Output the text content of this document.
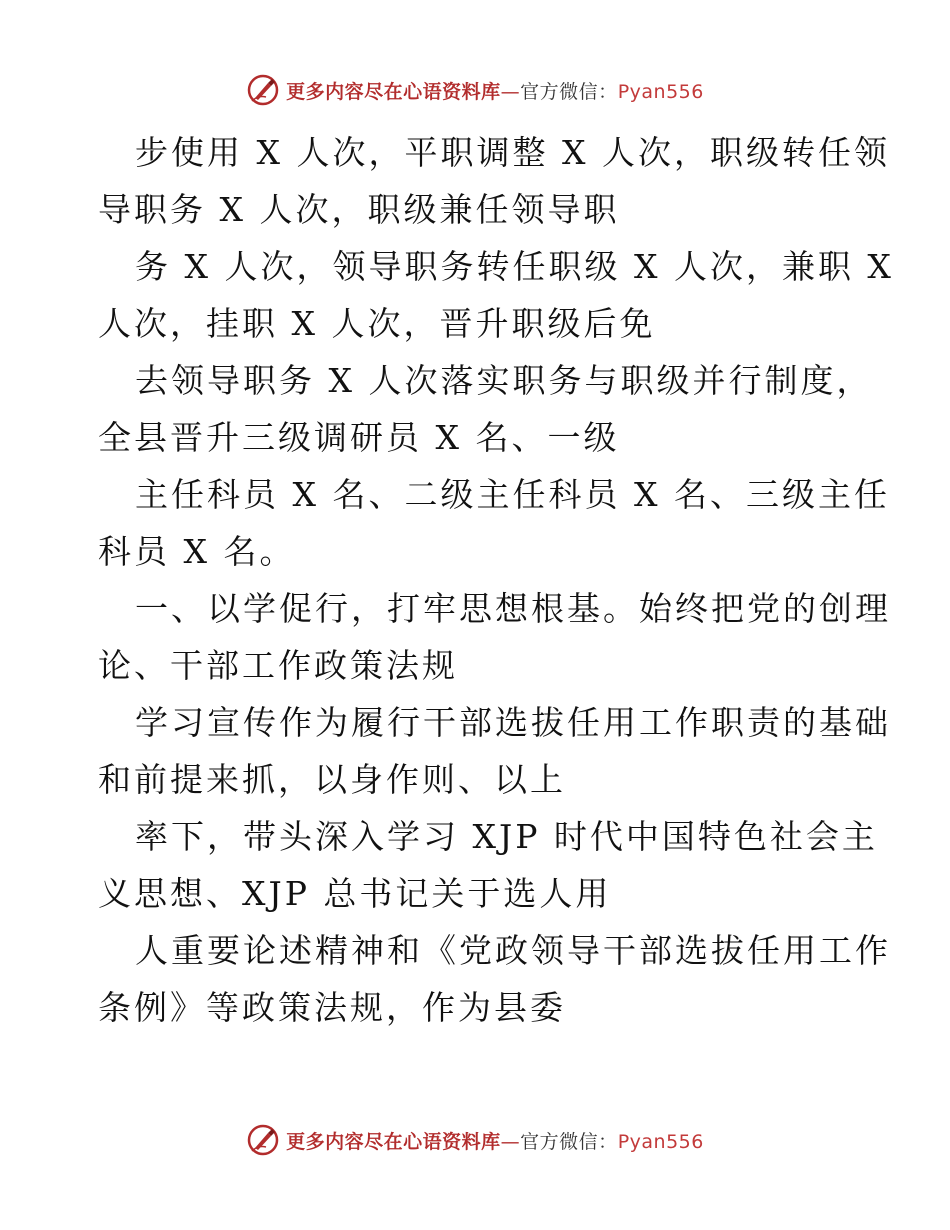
更多内容尽在心语资料库—官方微信：Pyan556
步使用 X 人次，平职调整 X 人次，职级转任领
导职务 X 人次，职级兼任领导职
务 X 人次，领导职务转任职级 X 人次，兼职 X
人次，挂职 X 人次，晋升职级后免
去领导职务 X 人次落实职务与职级并行制度，
全县晋升三级调研员 X 名、一级
主任科员 X 名、二级主任科员 X 名、三级主任
科员 X 名。
一、以学促行，打牢思想根基。始终把党的创理
论、干部工作政策法规
学习宣传作为履行干部选拔任用工作职责的基础
和前提来抓，以身作则、以上
率下，带头深入学习 XJP 时代中国特色社会主
义思想、XJP 总书记关于选人用
人重要论述精神和《党政领导干部选拔任用工作
条例》等政策法规，作为县委
更多内容尽在心语资料库—官方微信：Pyan556
